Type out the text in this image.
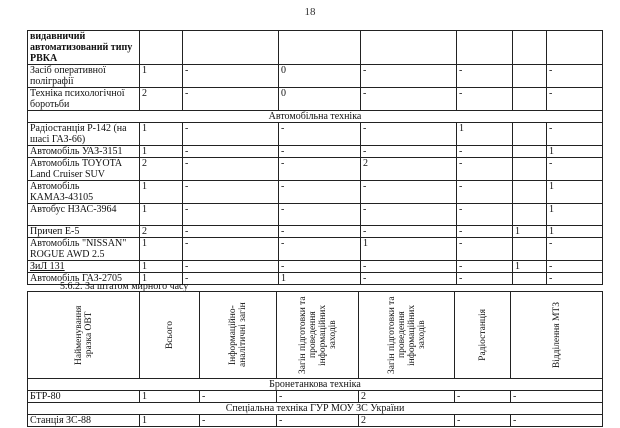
18
видавничий автоматизований типу РВКА							
Засіб оперативної поліграфії	1	-	0	-	-		-
Техніка психологічної боротьби	2	-	0	-	-		-
Автомобільна техніка							
Радіостанція Р-142 (на шасі ГАЗ-66)	1	-	-	-	1		-
Автомобіль УАЗ-3151	1	-	-	-	-		1
Автомобіль TOYOTA Land Cruiser SUV	2	-	-	2	-		-
Автомобіль КАМАЗ-43105	1	-	-	-	-		1
Автобус НЗАС-3964	1	-	-	-	-		1
Причеп Е-5	2	-	-	-	-	1	1
Автомобіль "NISSAN" ROGUE AWD 2.5	1	-	-	1	-		-
ЗиЛ 131	1	-	-	-	-	1	-
Автомобіль ГАЗ-2705	1	-	1	-	-		-
5.6.2. За штатом мирного часу
Найменування зразка ОВТ	Всього	Інформаційно-аналітичні загін	Загін підготовки та проведення інформаційних заходів	Загін підготовки та проведення інформаційних заходів	Радіостанція	Відділення МТЗ

Бронетанкова техніка						
БТР-80	1	-	-	2	-	-
Спеціальна техніка ГУР МОУ ЗС України						
Станція ЗС-88	1	-	-	2	-	-
